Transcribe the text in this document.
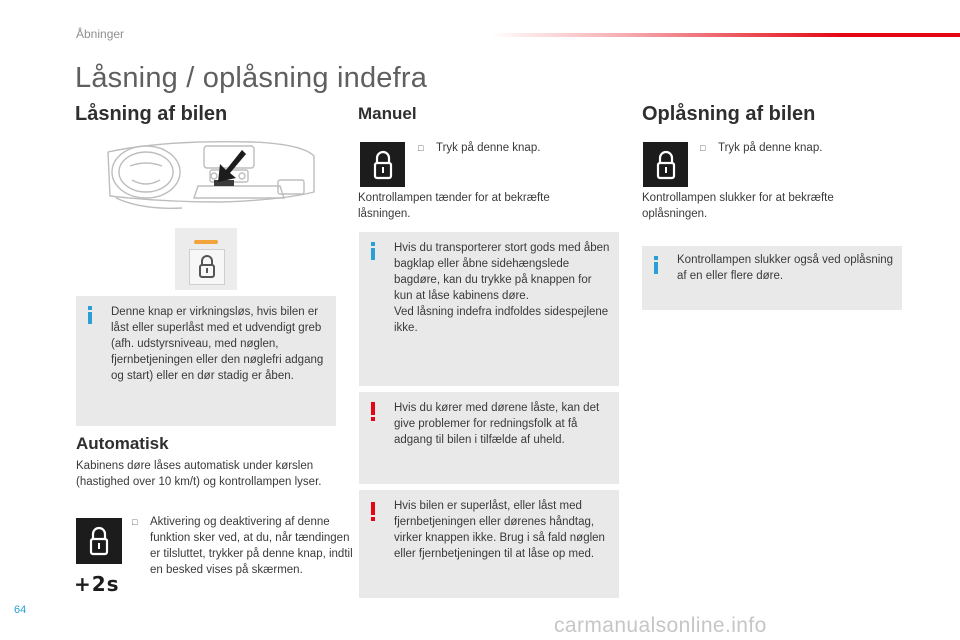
Åbninger
Låsning / oplåsning indefra
Låsning af bilen
Denne knap er virkningsløs, hvis bilen er låst eller superlåst med et udvendigt greb (afh. udstyrsniveau, med nøglen, fjernbetjeningen eller den nøglefri adgang og start) eller en dør stadig er åben.
Automatisk
Kabinens døre låses automatisk under kørslen (hastighed over 10 km/t) og kontrollampen lyser.
+2s
□ Aktivering og deaktivering af denne funktion sker ved, at du, når tændingen er tilsluttet, trykker på denne knap, indtil en besked vises på skærmen.
Manuel
□ Tryk på denne knap.
Kontrollampen tænder for at bekræfte låsningen.
Hvis du transporterer stort gods med åben bagklap eller åbne sidehængslede bagdøre, kan du trykke på knappen for kun at låse kabinens døre.
Ved låsning indefra indfoldes sidespejlene ikke.
Hvis du kører med dørene låste, kan det give problemer for redningsfolk at få adgang til bilen i tilfælde af uheld.
Hvis bilen er superlåst, eller låst med fjernbetjeningen eller dørenes håndtag, virker knappen ikke. Brug i så fald nøglen eller fjernbetjeningen til at låse op med.
Oplåsning af bilen
□ Tryk på denne knap.
Kontrollampen slukker for at bekræfte oplåsningen.
Kontrollampen slukker også ved oplåsning af en eller flere døre.
64
carmanualsonline.info
